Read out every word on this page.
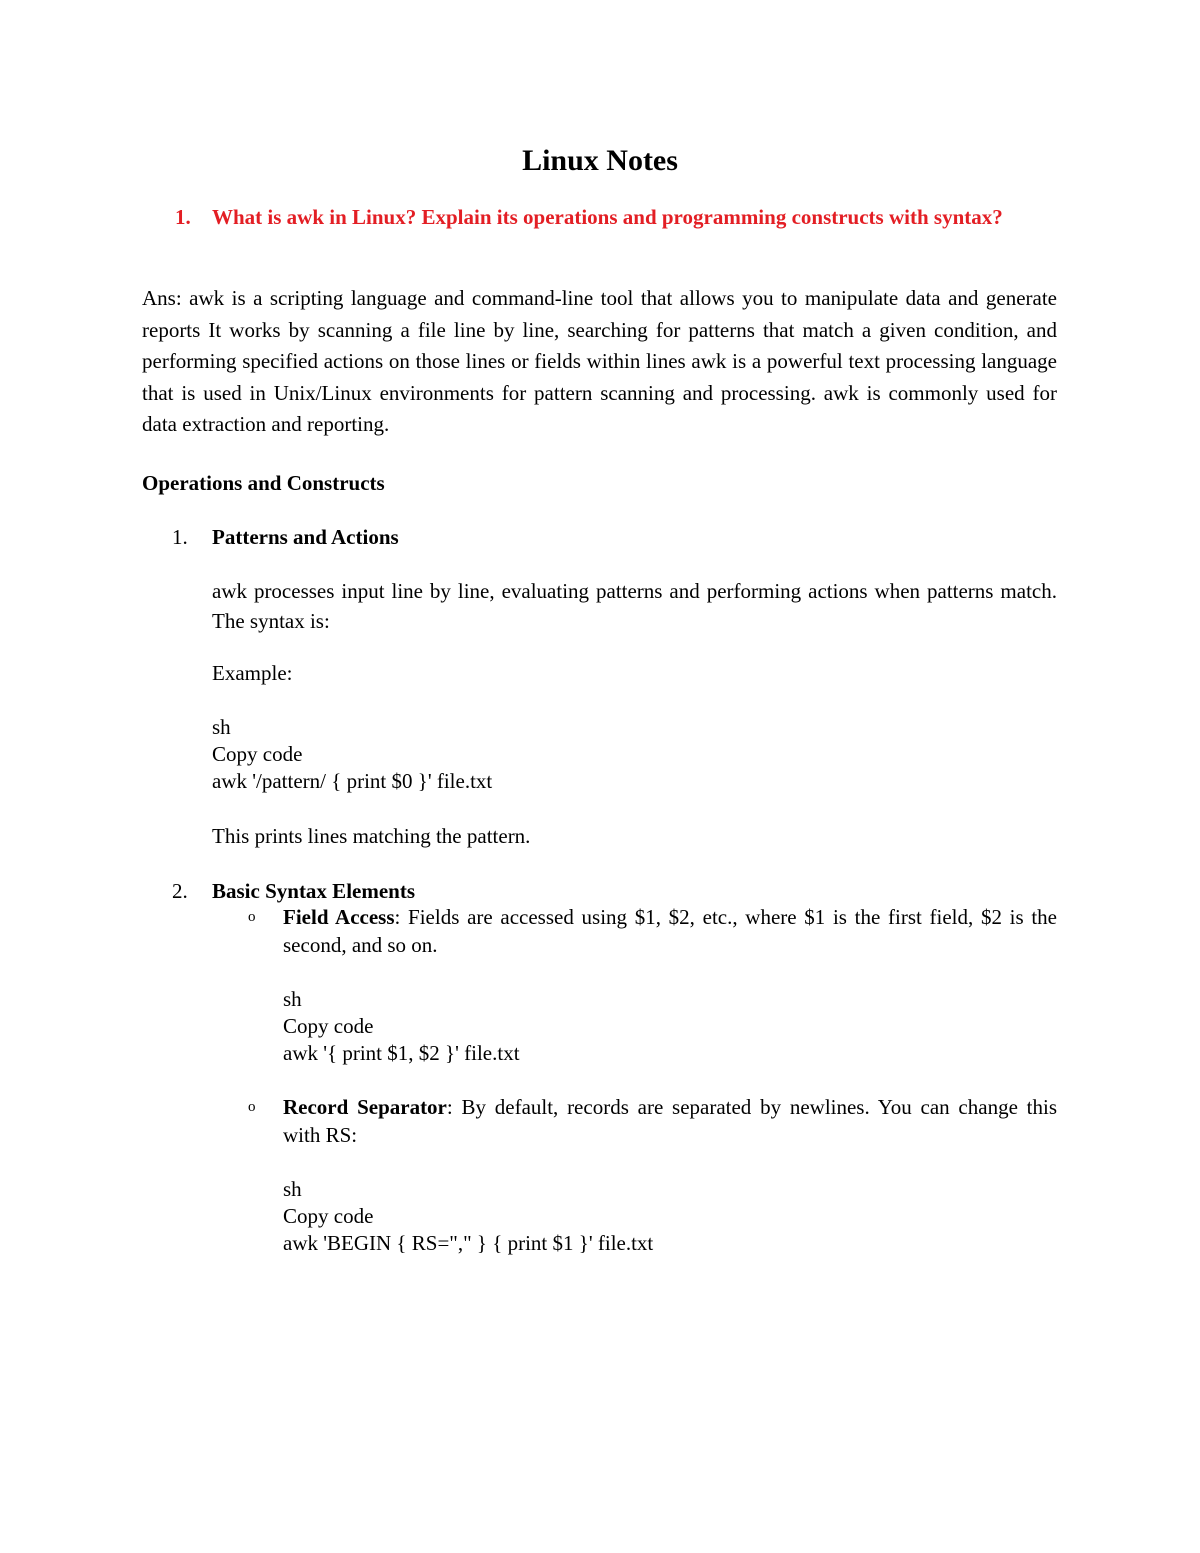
Linux Notes
1. What is awk in Linux? Explain its operations and programming constructs with syntax?
Ans: awk is a scripting language and command-line tool that allows you to manipulate data and generate reports It works by scanning a file line by line, searching for patterns that match a given condition, and performing specified actions on those lines or fields within lines awk is a powerful text processing language that is used in Unix/Linux environments for pattern scanning and processing. awk is commonly used for data extraction and reporting.
Operations and Constructs
1. Patterns and Actions
awk processes input line by line, evaluating patterns and performing actions when patterns match. The syntax is:
Example:
sh
Copy code
awk '/pattern/ { print $0 }' file.txt
This prints lines matching the pattern.
2. Basic Syntax Elements
o Field Access: Fields are accessed using $1, $2, etc., where $1 is the first field, $2 is the second, and so on.
sh
Copy code
awk '{ print $1, $2 }' file.txt
o Record Separator: By default, records are separated by newlines. You can change this with RS:
sh
Copy code
awk 'BEGIN { RS="," } { print $1 }' file.txt
